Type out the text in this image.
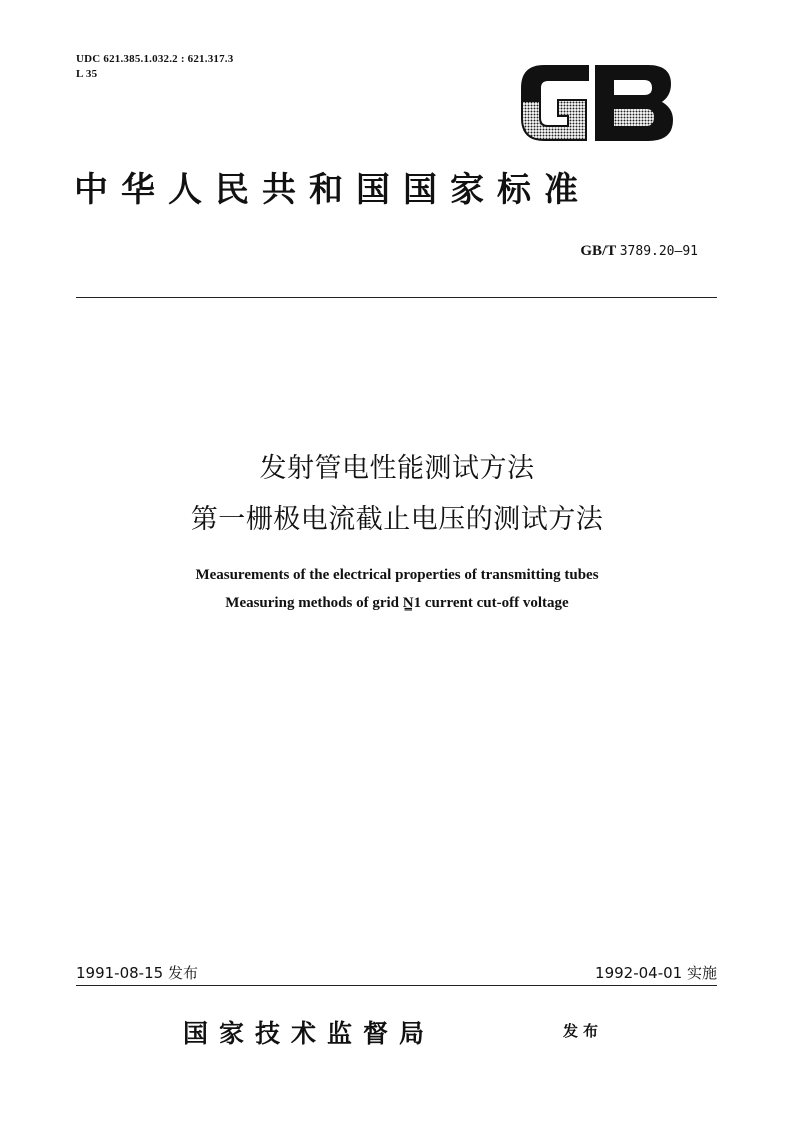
UDC 621.385.1.032.2 : 621.317.3
L 35
中华人民共和国国家标准
GB/T 3789.20—91
发射管电性能测试方法
第一栅极电流截止电压的测试方法
Measurements of the electrical properties of transmitting tubes
Measuring methods of grid N̳1 current cut-off voltage
1991-08-15 发布	1992-04-01 实施
国家技术监督局	发布
